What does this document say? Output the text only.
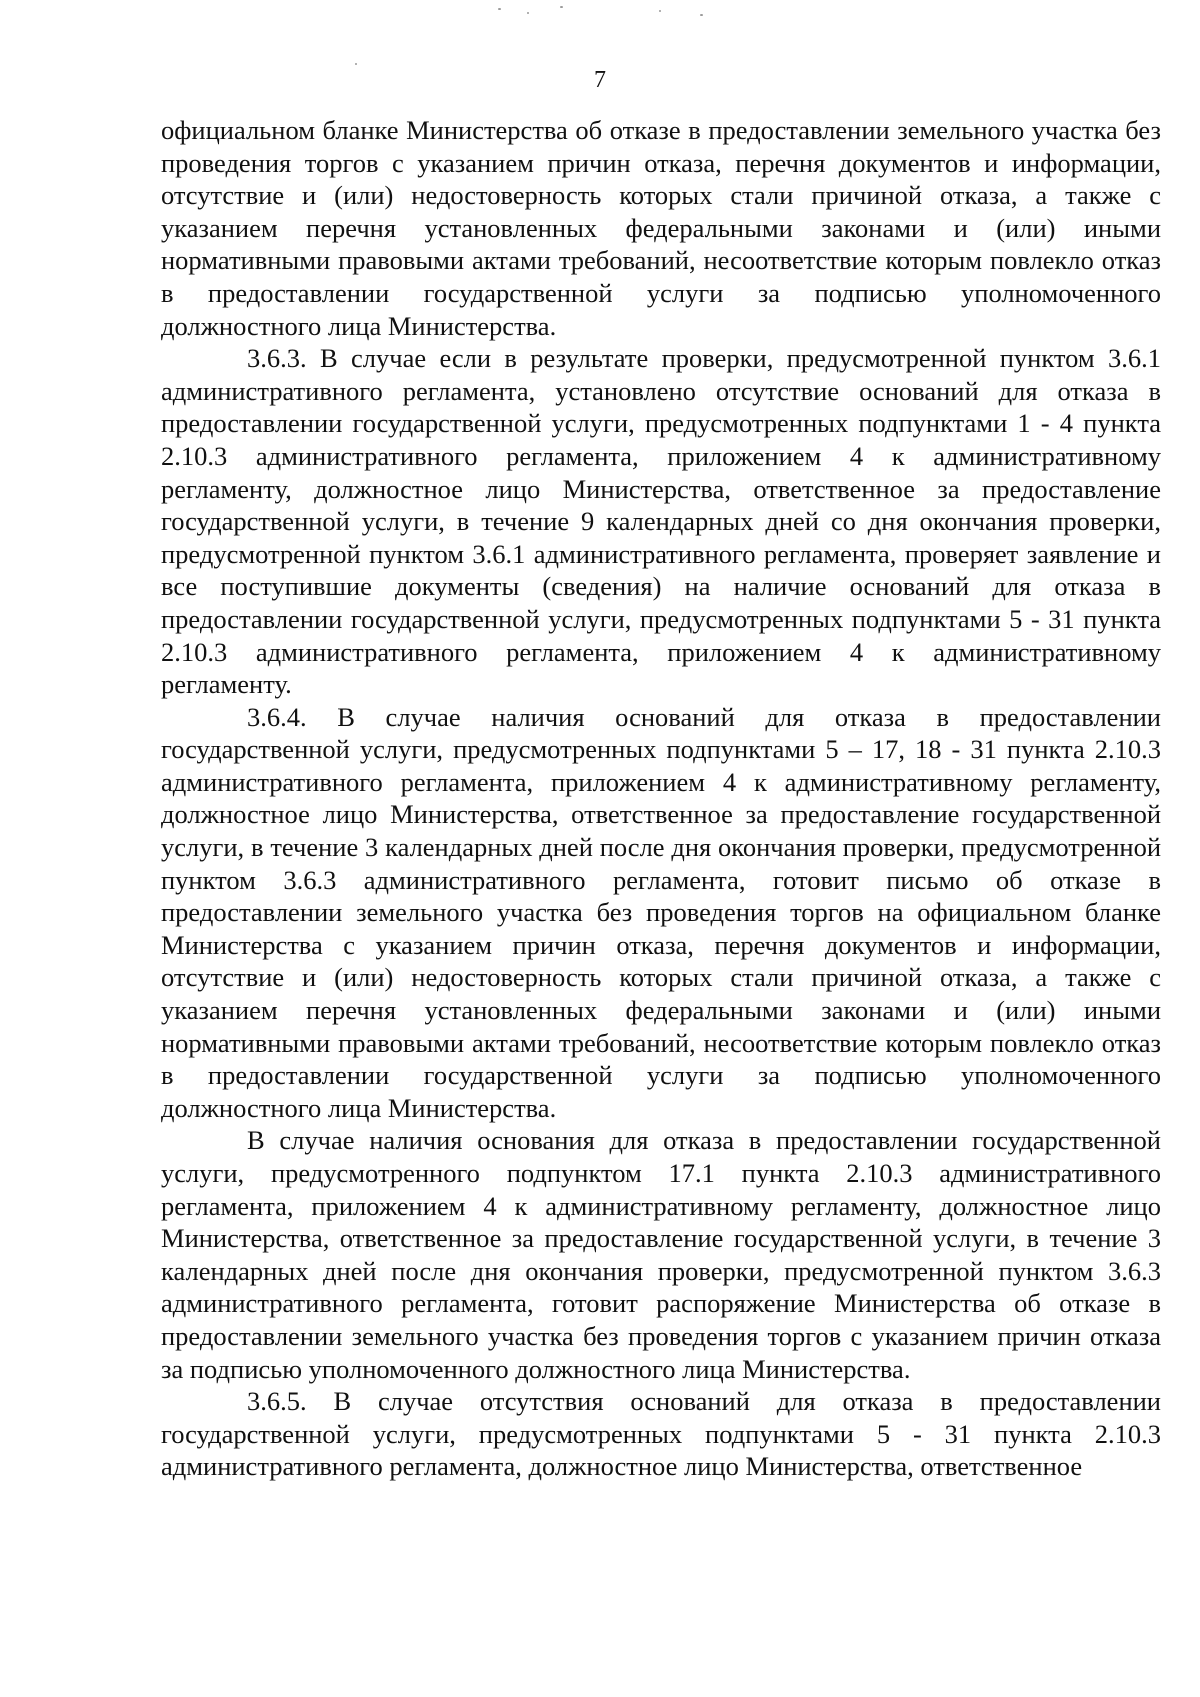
7

официальном бланке Министерства об отказе в предоставлении земельного участка без проведения торгов с указанием причин отказа, перечня документов и информации, отсутствие и (или) недостоверность которых стали причиной отказа, а также с указанием перечня установленных федеральными законами и (или) иными нормативными правовыми актами требований, несоответствие которым повлекло отказ в предоставлении государственной услуги за подписью уполномоченного должностного лица Министерства.

3.6.3. В случае если в результате проверки, предусмотренной пунктом 3.6.1 административного регламента, установлено отсутствие оснований для отказа в предоставлении государственной услуги, предусмотренных подпунктами 1 - 4 пункта 2.10.3 административного регламента, приложением 4 к административному регламенту, должностное лицо Министерства, ответственное за предоставление государственной услуги, в течение 9 календарных дней со дня окончания проверки, предусмотренной пунктом 3.6.1 административного регламента, проверяет заявление и все поступившие документы (сведения) на наличие оснований для отказа в предоставлении государственной услуги, предусмотренных подпунктами 5 - 31 пункта 2.10.3 административного регламента, приложением 4 к административному регламенту.

3.6.4. В случае наличия оснований для отказа в предоставлении государственной услуги, предусмотренных подпунктами 5 – 17, 18 - 31 пункта 2.10.3 административного регламента, приложением 4 к административному регламенту, должностное лицо Министерства, ответственное за предоставление государственной услуги, в течение 3 календарных дней после дня окончания проверки, предусмотренной пунктом 3.6.3 административного регламента, готовит письмо об отказе в предоставлении земельного участка без проведения торгов на официальном бланке Министерства с указанием причин отказа, перечня документов и информации, отсутствие и (или) недостоверность которых стали причиной отказа, а также с указанием перечня установленных федеральными законами и (или) иными нормативными правовыми актами требований, несоответствие которым повлекло отказ в предоставлении государственной услуги за подписью уполномоченного должностного лица Министерства.

В случае наличия основания для отказа в предоставлении государственной услуги, предусмотренного подпунктом 17.1 пункта 2.10.3 административного регламента, приложением 4 к административному регламенту, должностное лицо Министерства, ответственное за предоставление государственной услуги, в течение 3 календарных дней после дня окончания проверки, предусмотренной пунктом 3.6.3 административного регламента, готовит распоряжение Министерства об отказе в предоставлении земельного участка без проведения торгов с указанием причин отказа за подписью уполномоченного должностного лица Министерства.

3.6.5. В случае отсутствия оснований для отказа в предоставлении государственной услуги, предусмотренных подпунктами 5 - 31 пункта 2.10.3 административного регламента, должностное лицо Министерства, ответственное
